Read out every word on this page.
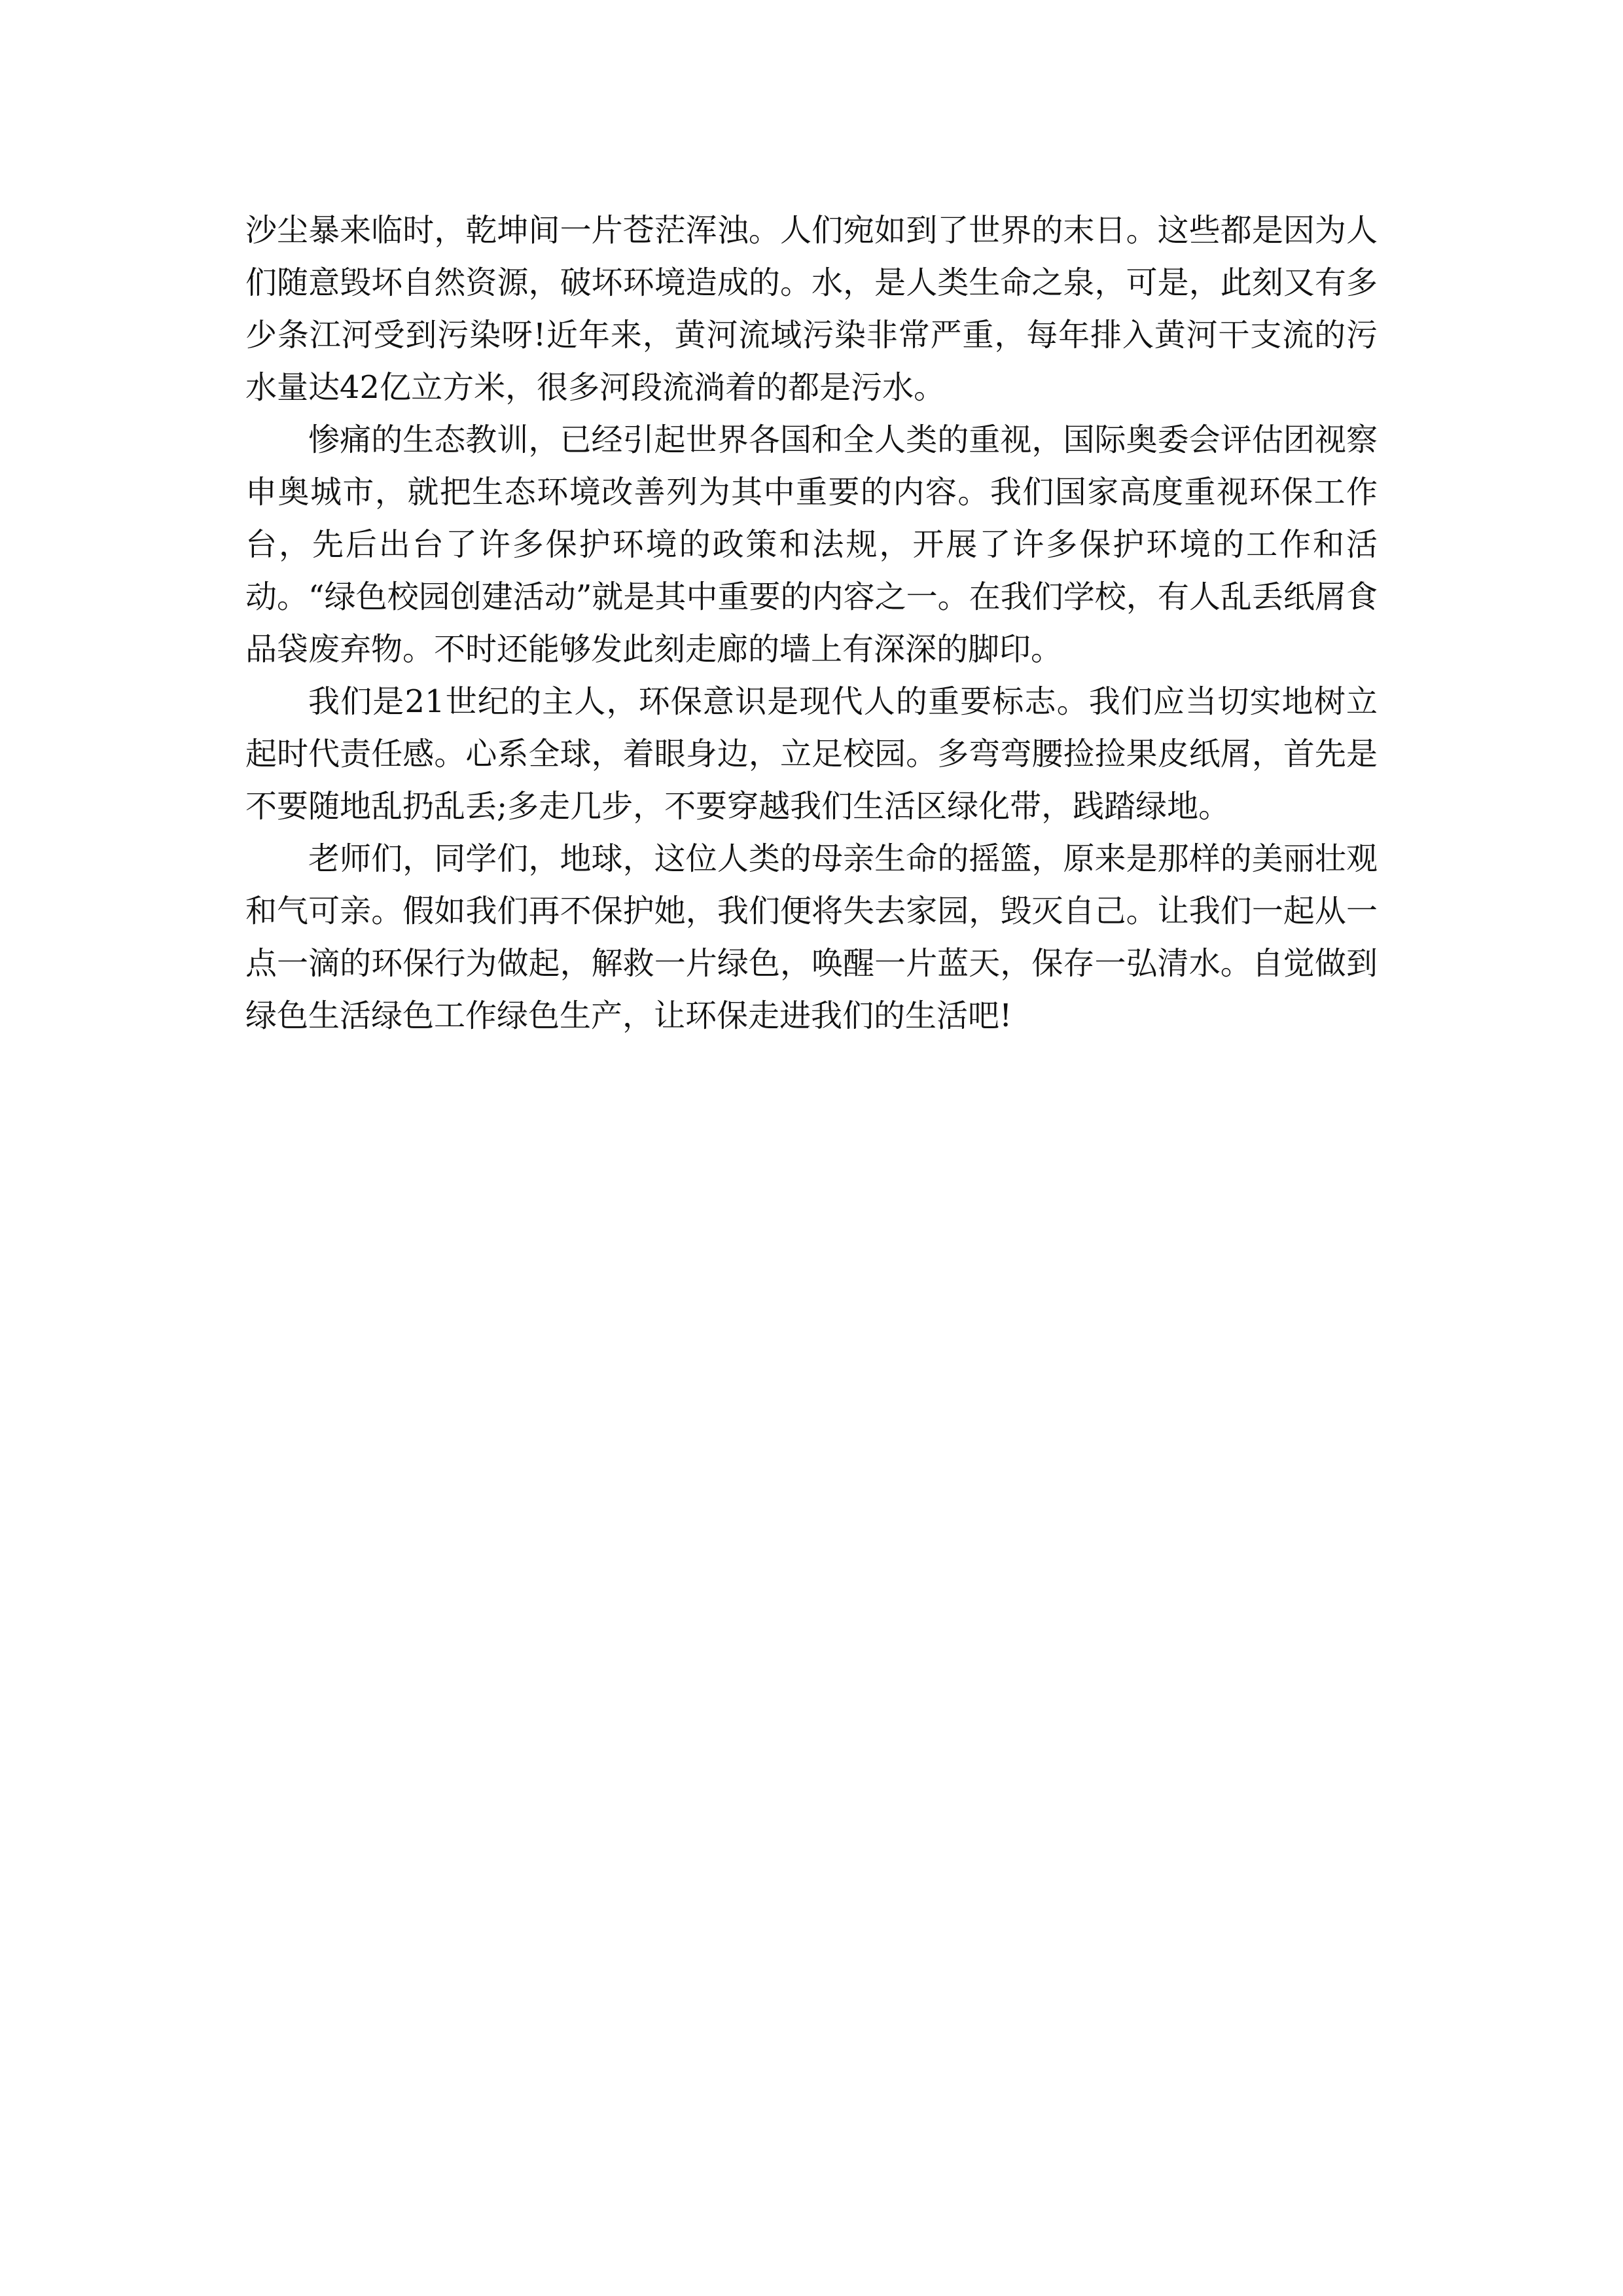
沙尘暴来临时，乾坤间一片苍茫浑浊。人们宛如到了世界的末日。这些都是因为人们随意毁坏自然资源，破坏环境造成的。水，是人类生命之泉，可是，此刻又有多少条江河受到污染呀!近年来，黄河流域污染非常严重，每年排入黄河干支流的污水量达42亿立方米，很多河段流淌着的都是污水。

惨痛的生态教训，已经引起世界各国和全人类的重视，国际奥委会评估团视察申奥城市，就把生态环境改善列为其中重要的内容。我们国家高度重视环保工作台，先后出台了许多保护环境的政策和法规，开展了许多保护环境的工作和活动。“绿色校园创建活动”就是其中重要的内容之一。在我们学校，有人乱丢纸屑食品袋废弃物。不时还能够发此刻走廊的墙上有深深的脚印。

我们是21世纪的主人，环保意识是现代人的重要标志。我们应当切实地树立起时代责任感。心系全球，着眼身边，立足校园。多弯弯腰捡捡果皮纸屑，首先是不要随地乱扔乱丢;多走几步，不要穿越我们生活区绿化带，践踏绿地。

老师们，同学们，地球，这位人类的母亲生命的摇篮，原来是那样的美丽壮观和气可亲。假如我们再不保护她，我们便将失去家园，毁灭自己。让我们一起从一点一滴的环保行为做起，解救一片绿色，唤醒一片蓝天，保存一弘清水。自觉做到绿色生活绿色工作绿色生产，让环保走进我们的生活吧!
